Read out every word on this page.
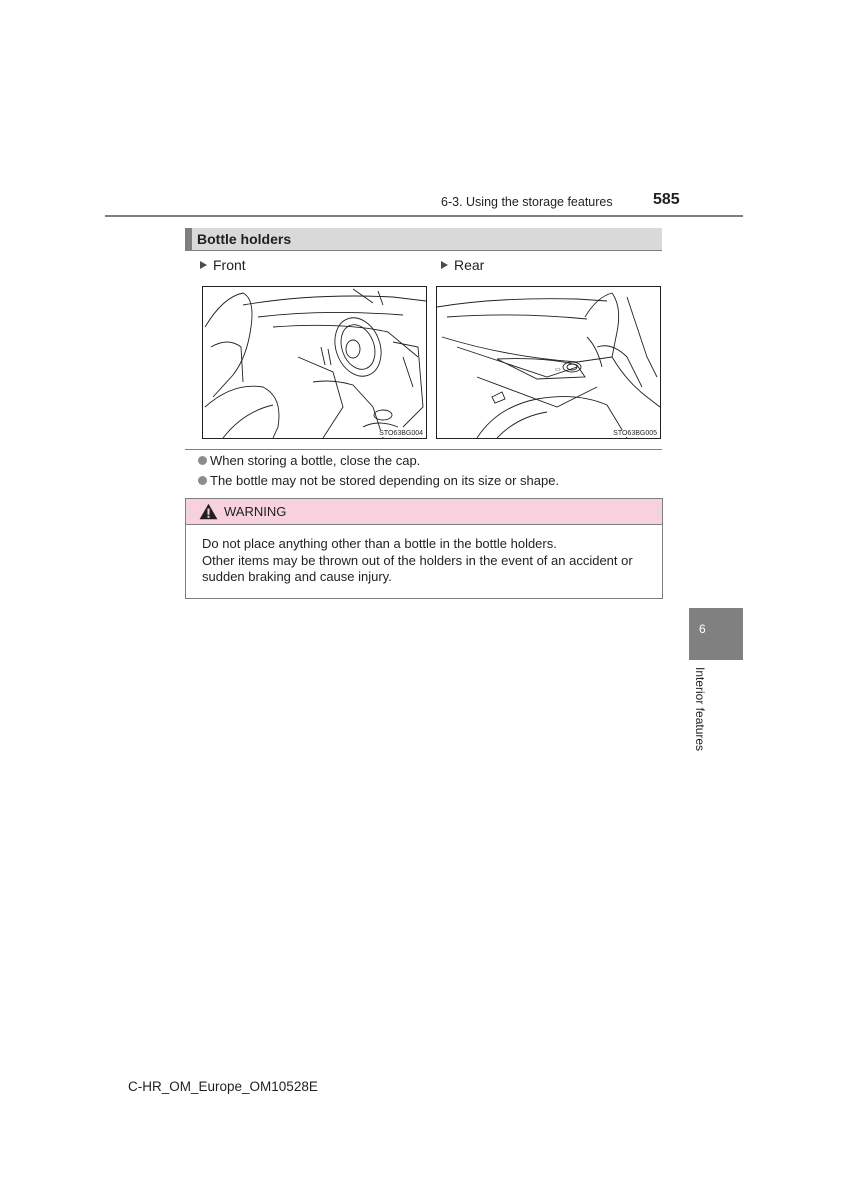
6-3. Using the storage features	585
Bottle holders
Front	Rear
STO63BG004
▭
STO63BG005
When storing a bottle, close the cap.
The bottle may not be stored depending on its size or shape.
WARNING
Do not place anything other than a bottle in the bottle holders.
Other items may be thrown out of the holders in the event of an accident or
sudden braking and cause injury.
6
Interior features
C-HR_OM_Europe_OM10528E
